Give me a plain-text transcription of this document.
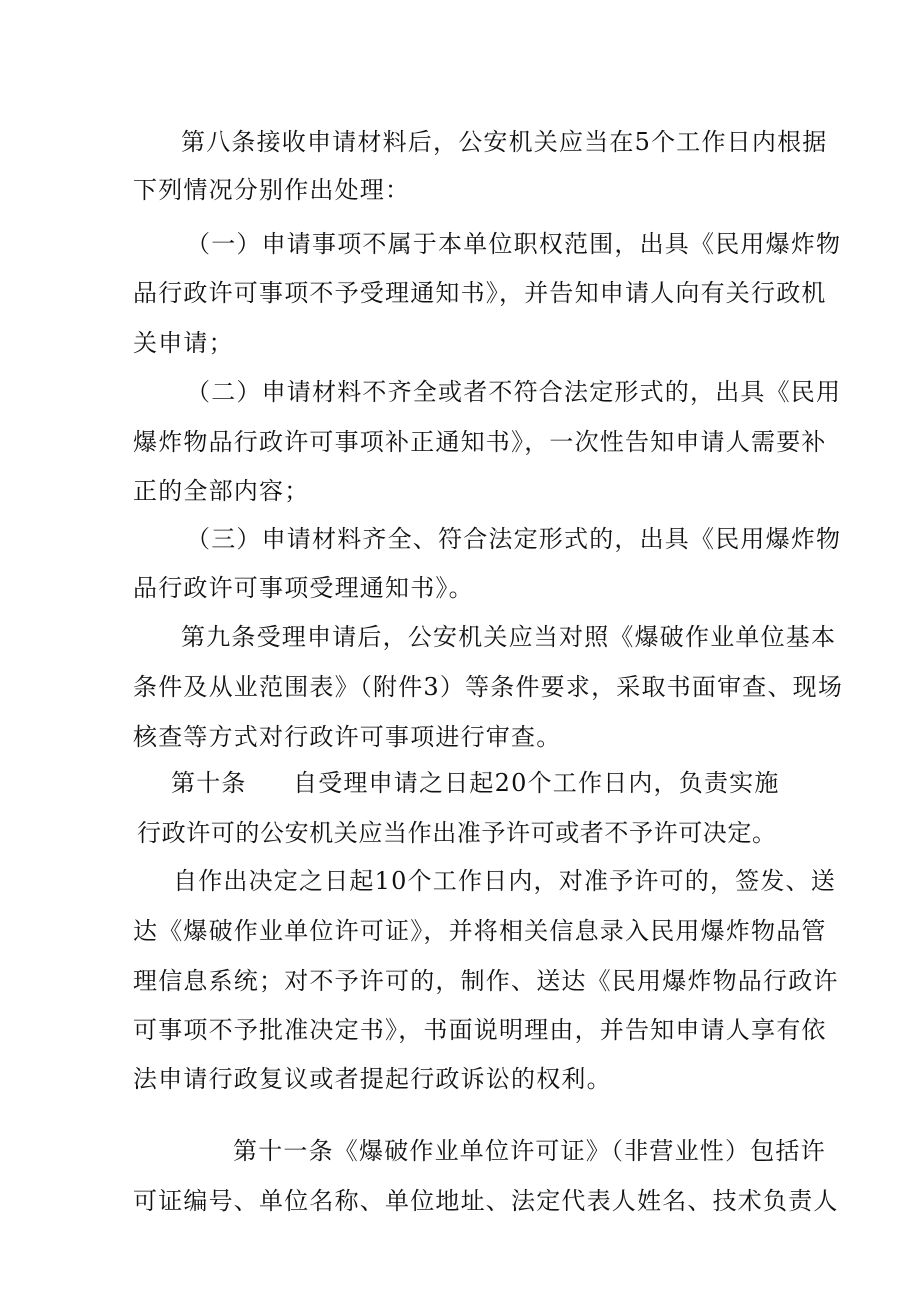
第八条接收申请材料后，公安机关应当在5个工作日内根据
下列情况分别作出处理：
（一）申请事项不属于本单位职权范围，出具《民用爆炸物
品行政许可事项不予受理通知书》，并告知申请人向有关行政机
关申请；
（二）申请材料不齐全或者不符合法定形式的，出具《民用
爆炸物品行政许可事项补正通知书》，一次性告知申请人需要补
正的全部内容；
（三）申请材料齐全、符合法定形式的，出具《民用爆炸物
品行政许可事项受理通知书》。
第九条受理申请后，公安机关应当对照《爆破作业单位基本
条件及从业范围表》（附件3）等条件要求，采取书面审查、现场
核查等方式对行政许可事项进行审查。
第十条 自受理申请之日起20个工作日内，负责实施
行政许可的公安机关应当作出准予许可或者不予许可决定。
自作出决定之日起10个工作日内，对准予许可的，签发、送
达《爆破作业单位许可证》，并将相关信息录入民用爆炸物品管
理信息系统；对不予许可的，制作、送达《民用爆炸物品行政许
可事项不予批准决定书》，书面说明理由，并告知申请人享有依
法申请行政复议或者提起行政诉讼的权利。
第十一条《爆破作业单位许可证》（非营业性）包括许
可证编号、单位名称、单位地址、法定代表人姓名、技术负责人
